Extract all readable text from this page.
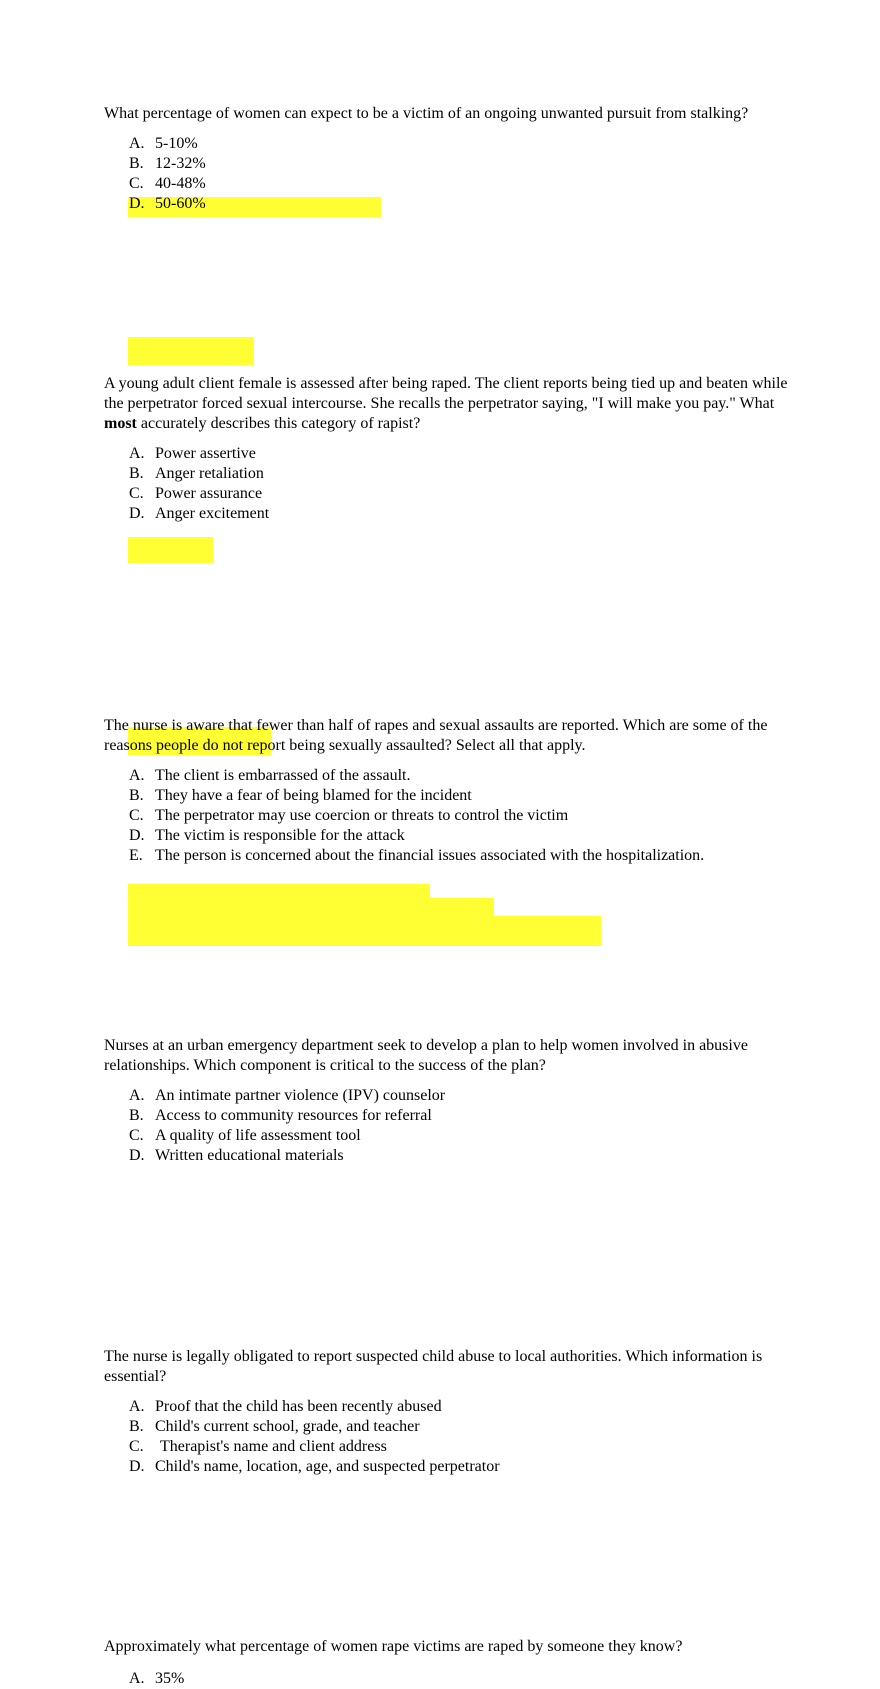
What percentage of women can expect to be a victim of an ongoing unwanted pursuit from stalking?

A. 5-10%
B. 12-32%
C. 40-48%
D. 50-60%

A young adult client female is assessed after being raped. The client reports being tied up and beaten while the perpetrator forced sexual intercourse. She recalls the perpetrator saying, "I will make you pay." What most accurately describes this category of rapist?

A. Power assertive
B. Anger retaliation
C. Power assurance
D. Anger excitement

The nurse is aware that fewer than half of rapes and sexual assaults are reported. Which are some of the reasons people do not report being sexually assaulted? Select all that apply.

A. The client is embarrassed of the assault.
B. They have a fear of being blamed for the incident
C. The perpetrator may use coercion or threats to control the victim
D. The victim is responsible for the attack
E. The person is concerned about the financial issues associated with the hospitalization.

Nurses at an urban emergency department seek to develop a plan to help women involved in abusive relationships. Which component is critical to the success of the plan?

A. An intimate partner violence (IPV) counselor
B. Access to community resources for referral
C. A quality of life assessment tool
D. Written educational materials

The nurse is legally obligated to report suspected child abuse to local authorities. Which information is essential?

A. Proof that the child has been recently abused
B. Child's current school, grade, and teacher
C. Therapist's name and client address
D. Child's name, location, age, and suspected perpetrator

Approximately what percentage of women rape victims are raped by someone they know?

A. 35%
